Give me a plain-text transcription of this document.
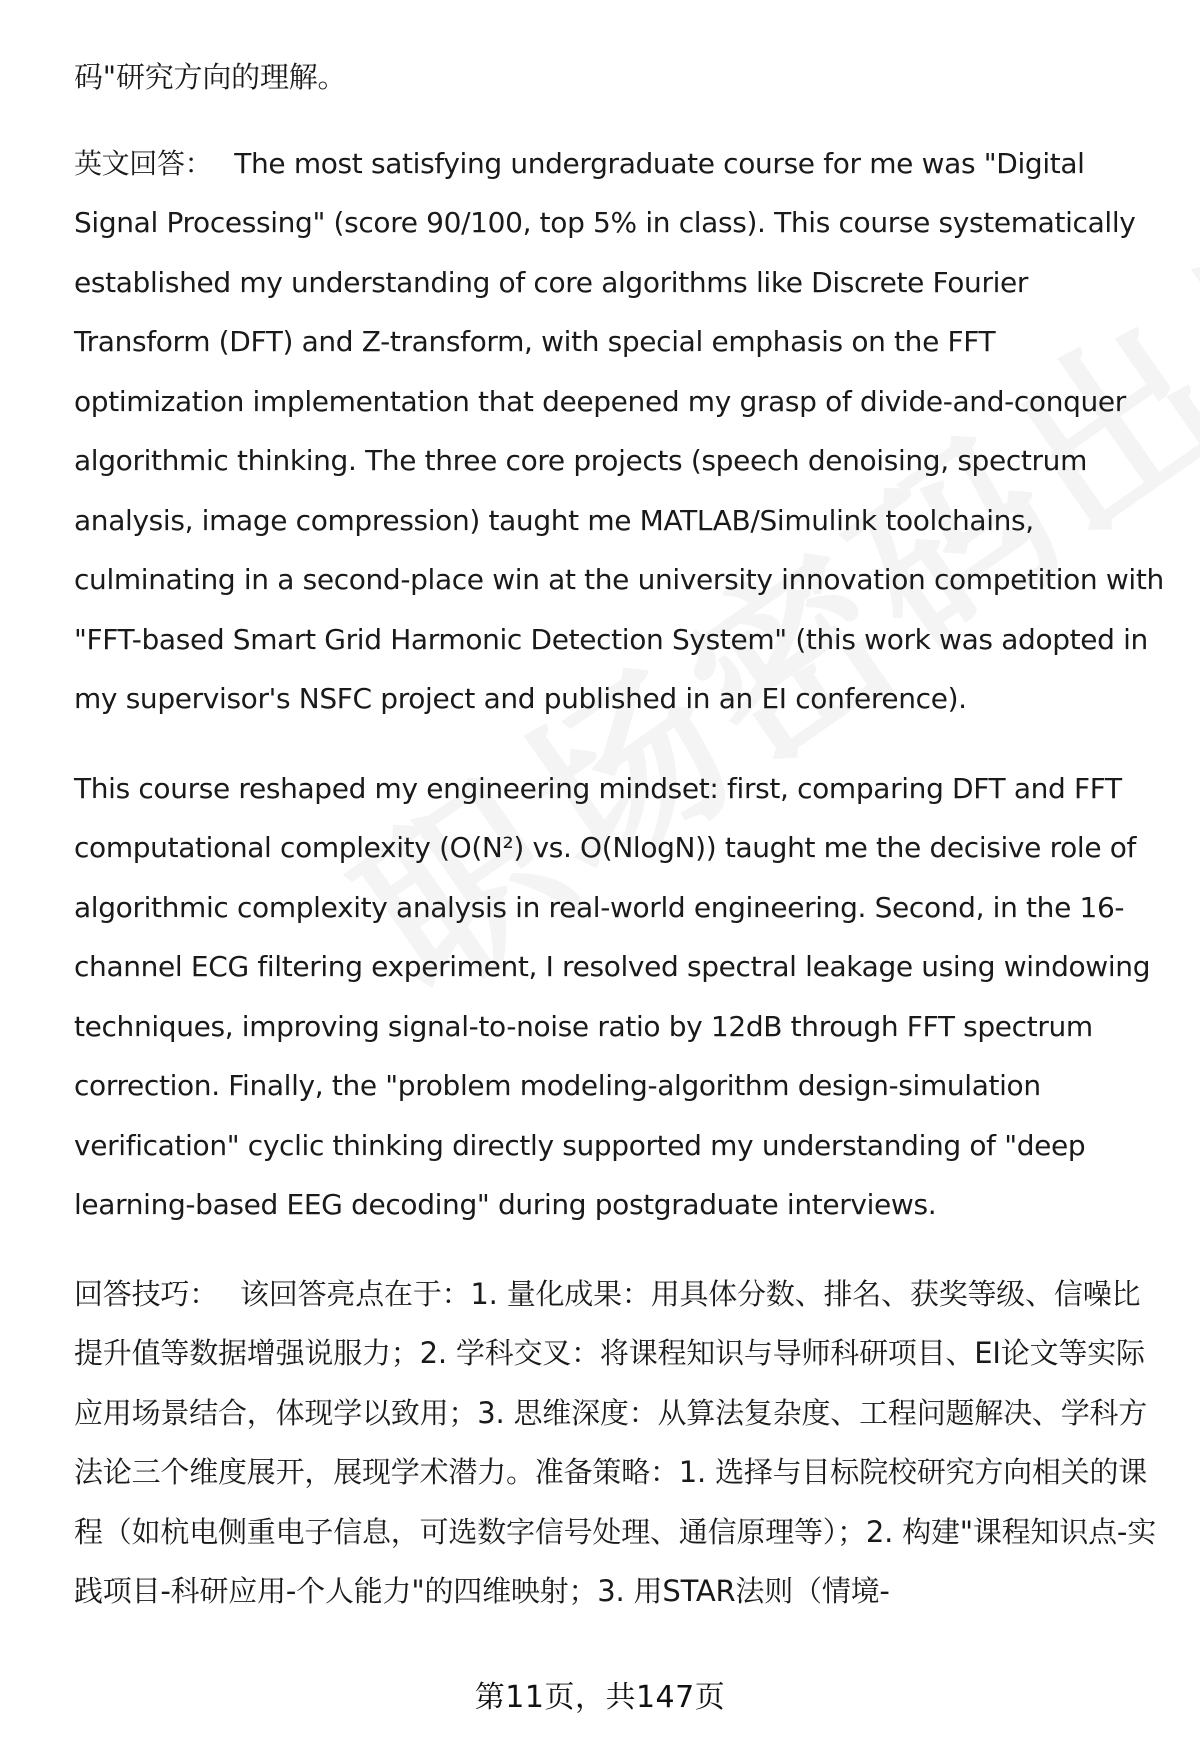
码"研究方向的理解。

英文回答： The most satisfying undergraduate course for me was "Digital Signal Processing" (score 90/100, top 5% in class). This course systematically established my understanding of core algorithms like Discrete Fourier Transform (DFT) and Z-transform, with special emphasis on the FFT optimization implementation that deepened my grasp of divide-and-conquer algorithmic thinking. The three core projects (speech denoising, spectrum analysis, image compression) taught me MATLAB/Simulink toolchains, culminating in a second-place win at the university innovation competition with "FFT-based Smart Grid Harmonic Detection System" (this work was adopted in my supervisor's NSFC project and published in an EI conference).

This course reshaped my engineering mindset: first, comparing DFT and FFT computational complexity (O(N²) vs. O(NlogN)) taught me the decisive role of algorithmic complexity analysis in real-world engineering. Second, in the 16-channel ECG filtering experiment, I resolved spectral leakage using windowing techniques, improving signal-to-noise ratio by 12dB through FFT spectrum correction. Finally, the "problem modeling-algorithm design-simulation verification" cyclic thinking directly supported my understanding of "deep learning-based EEG decoding" during postgraduate interviews.

回答技巧： 该回答亮点在于：1. 量化成果：用具体分数、排名、获奖等级、信噪比提升值等数据增强说服力；2. 学科交叉：将课程知识与导师科研项目、EI论文等实际应用场景结合，体现学以致用；3. 思维深度：从算法复杂度、工程问题解决、学科方法论三个维度展开，展现学术潜力。准备策略：1. 选择与目标院校研究方向相关的课程（如杭电侧重电子信息，可选数字信号处理、通信原理等）；2. 构建"课程知识点-实践项目-科研应用-个人能力"的四维映射；3. 用STAR法则（情境-

第11页，共147页
